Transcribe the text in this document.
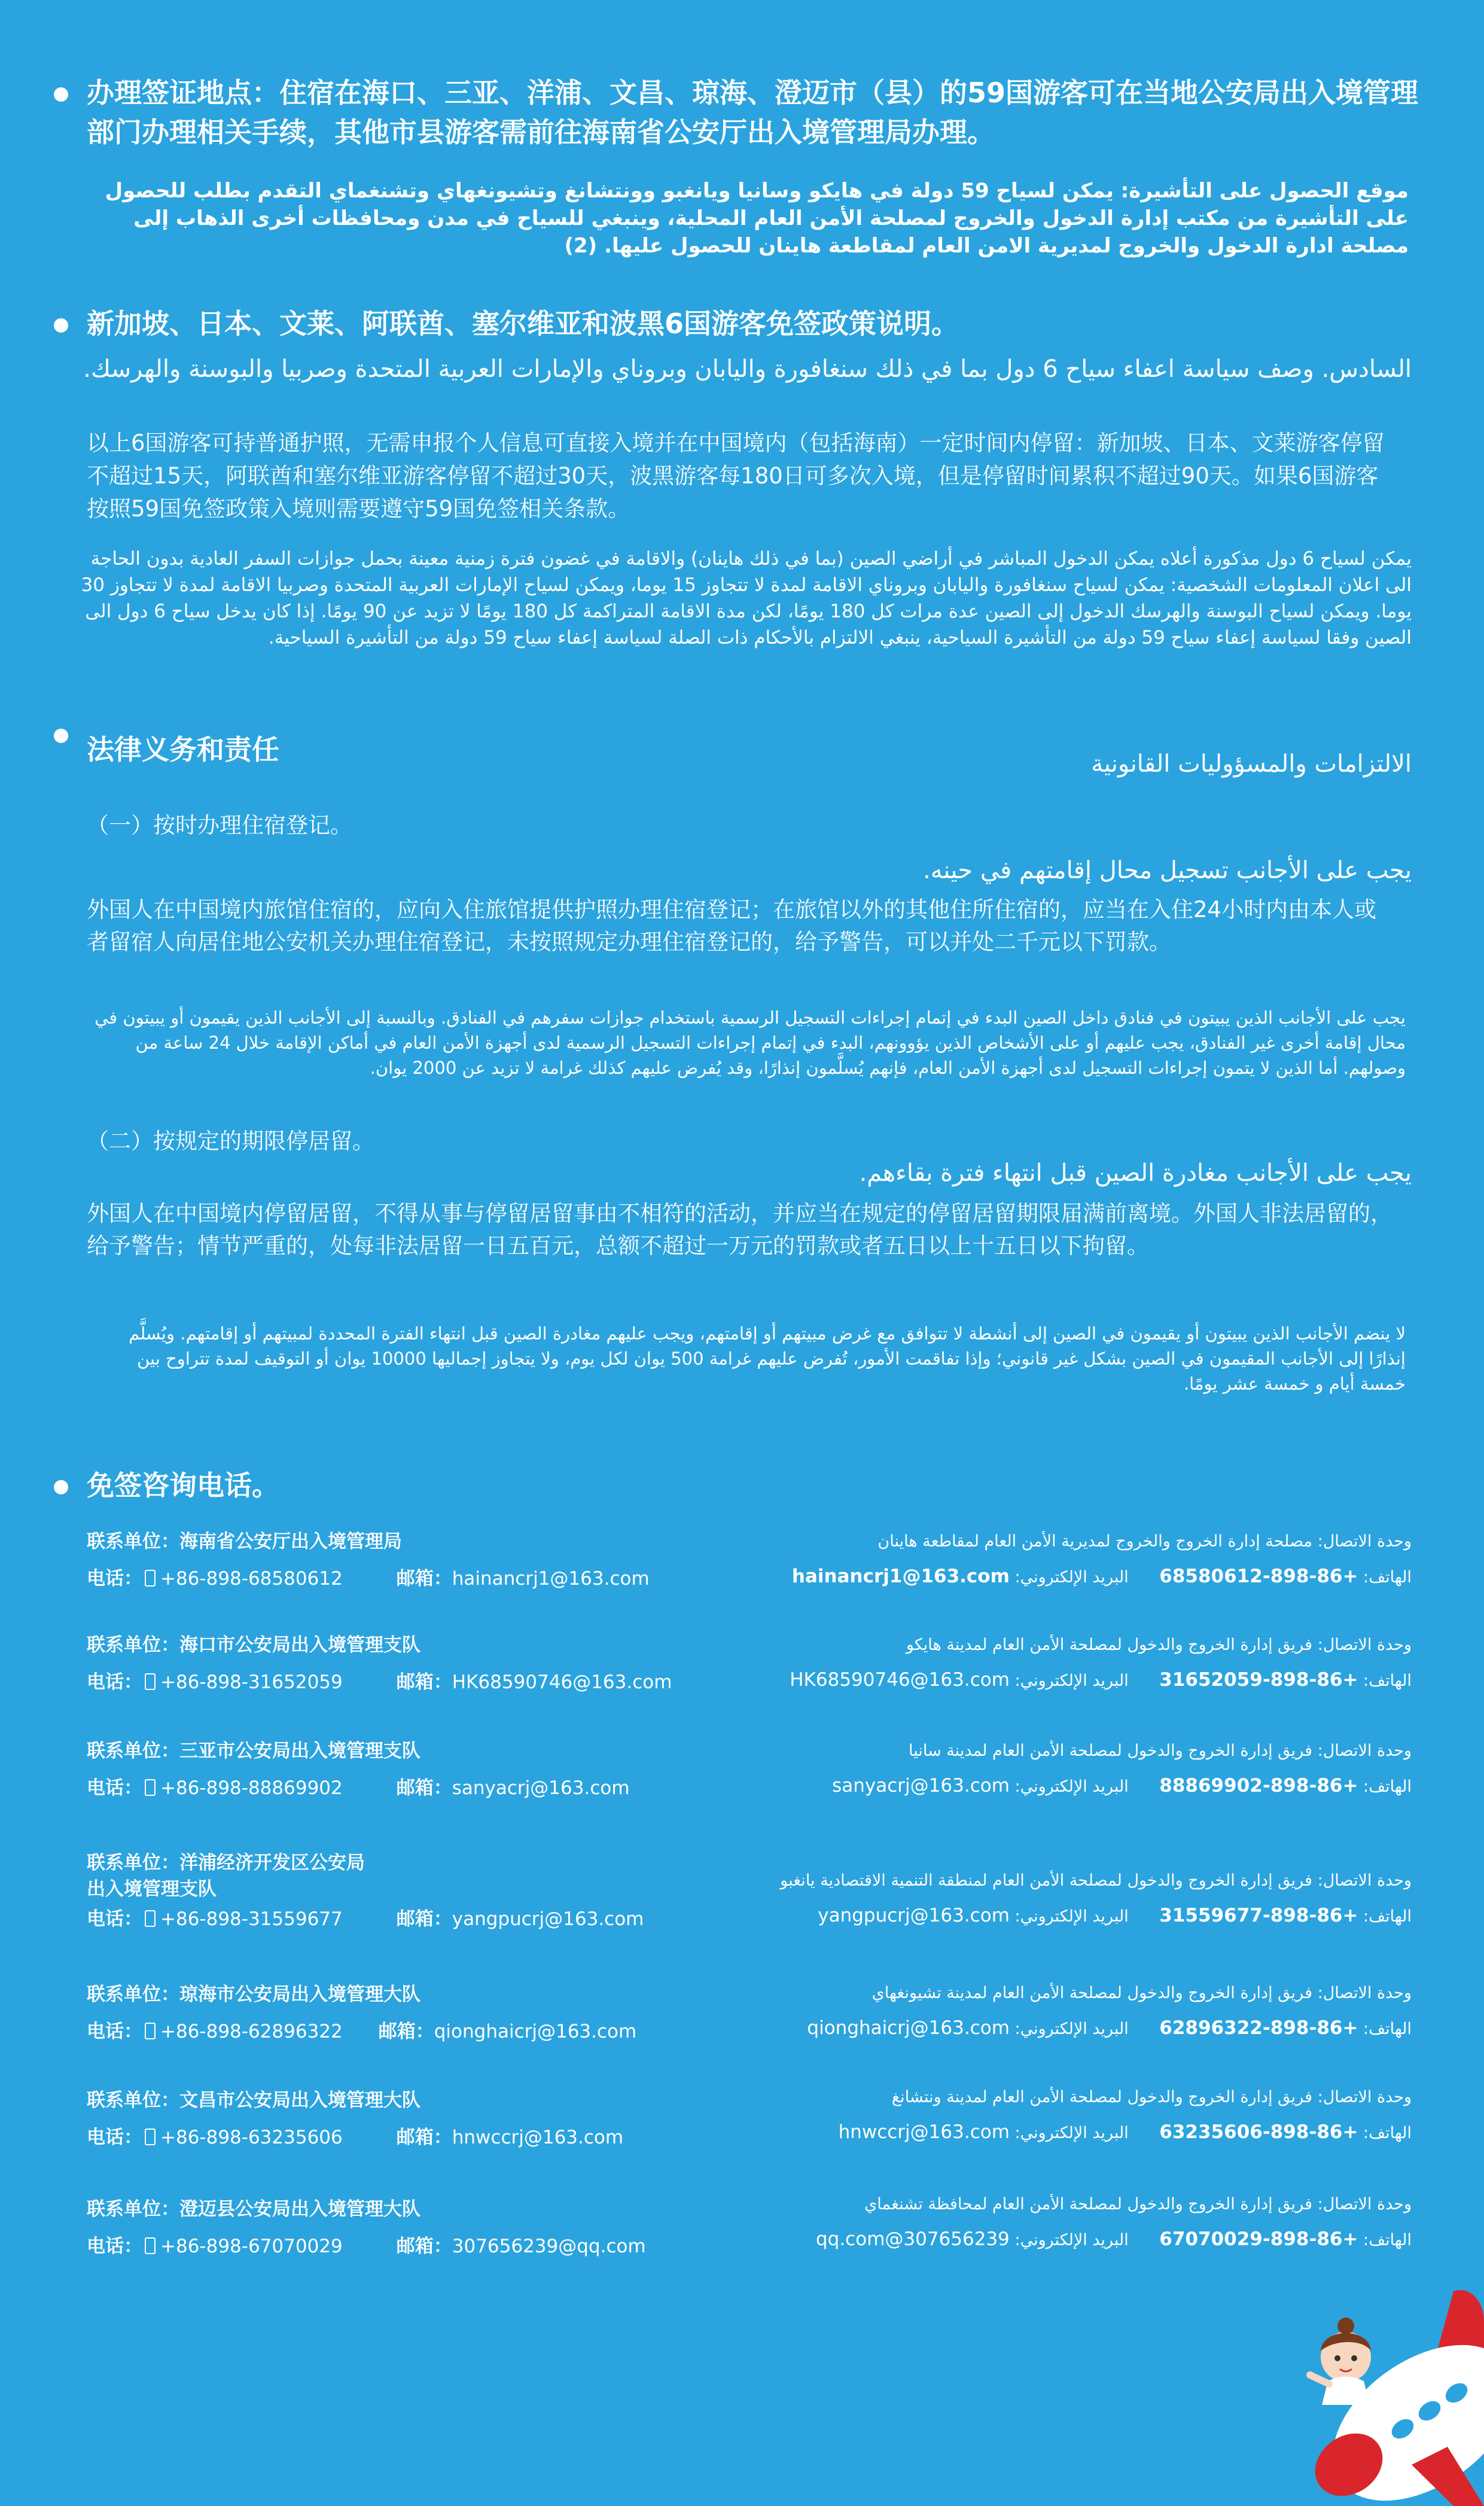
办理签证地点：住宿在海口、三亚、洋浦、文昌、琼海、澄迈市（县）的59国游客可在当地公安局出入境管理部门办理相关手续，其他市县游客需前往海南省公安厅出入境管理局办理。
موقع الحصول على التأشيرة: يمكن لسياح 59 دولة في هايكو وسانيا ويانغبو وونتشانغ وتشيونغهاي وتشنغماي التقدم بطلب للحصول على التأشيرة من مكتب إدارة الدخول والخروج لمصلحة الأمن العام المحلية، وينبغي للسياح في مدن ومحافظات أخرى الذهاب إلى مصلحة ادارة الدخول والخروج لمديرية الامن العام لمقاطعة هاينان للحصول عليها. (2)
新加坡、日本、文莱、阿联酋、塞尔维亚和波黑6国游客免签政策说明。
السادس. وصف سياسة اعفاء سياح 6 دول بما في ذلك سنغافورة واليابان وبروناي والإمارات العربية المتحدة وصربيا والبوسنة والهرسك.
以上6国游客可持普通护照，无需申报个人信息可直接入境并在中国境内（包括海南）一定时间内停留：新加坡、日本、文莱游客停留不超过15天，阿联酋和塞尔维亚游客停留不超过30天，波黑游客每180日可多次入境，但是停留时间累积不超过90天。如果6国游客按照59国免签政策入境则需要遵守59国免签相关条款。
يمكن لسياح 6 دول مذكورة أعلاه يمكن الدخول المباشر في أراضي الصين (بما في ذلك هاينان) والاقامة في غضون فترة زمنية معينة بحمل جوازات السفر العادية بدون الحاجة الى اعلان المعلومات الشخصية: يمكن لسياح سنغافورة واليابان وبروناي الاقامة لمدة لا تتجاوز 15 يوما، ويمكن لسياح الإمارات العربية المتحدة وصربيا الاقامة لمدة لا تتجاوز 30 يوما. ويمكن لسياح البوسنة والهرسك الدخول إلى الصين عدة مرات كل 180 يومًا، لكن مدة الاقامة المتراكمة كل 180 يومًا لا تزيد عن 90 يومًا. إذا كان يدخل سياح 6 دول الى الصين وفقا لسياسة إعفاء سياح 59 دولة من التأشيرة السياحية، ينبغي الالتزام بالأحكام ذات الصلة لسياسة إعفاء سياح 59 دولة من التأشيرة السياحية.
法律义务和责任	الالتزامات والمسؤوليات القانونية
（一）按时办理住宿登记。
يجب على الأجانب تسجيل محال إقامتهم في حينه.
外国人在中国境内旅馆住宿的，应向入住旅馆提供护照办理住宿登记；在旅馆以外的其他住所住宿的，应当在入住24小时内由本人或者留宿人向居住地公安机关办理住宿登记，未按照规定办理住宿登记的，给予警告，可以并处二千元以下罚款。
يجب على الأجانب الذين يبيتون في فنادق داخل الصين البدء في إتمام إجراءات التسجيل الرسمية باستخدام جوازات سفرهم في الفنادق. وبالنسبة إلى الأجانب الذين يقيمون أو يبيتون في محال إقامة أخرى غير الفنادق، يجب عليهم أو على الأشخاص الذين يؤوونهم، البدء في إتمام إجراءات التسجيل الرسمية لدى أجهزة الأمن العام في أماكن الإقامة خلال 24 ساعة من وصولهم. أما الذين لا يتمون إجراءات التسجيل لدى أجهزة الأمن العام، فإنهم يُسلَّمون إنذارًا، وقد يُفرض عليهم كذلك غرامة لا تزيد عن 2000 يوان.
（二）按规定的期限停居留。
يجب على الأجانب مغادرة الصين قبل انتهاء فترة بقاءهم.
外国人在中国境内停留居留，不得从事与停留居留事由不相符的活动，并应当在规定的停留居留期限届满前离境。外国人非法居留的，给予警告；情节严重的，处每非法居留一日五百元，总额不超过一万元的罚款或者五日以上十五日以下拘留。
لا ينضم الأجانب الذين يبيتون أو يقيمون في الصين إلى أنشطة لا تتوافق مع غرض مبيتهم أو إقامتهم، ويجب عليهم مغادرة الصين قبل انتهاء الفترة المحددة لمبيتهم أو إقامتهم. ويُسلَّم إنذارًا إلى الأجانب المقيمون في الصين بشكل غير قانوني؛ وإذا تفاقمت الأمور، تُفرض عليهم غرامة 500 يوان لكل يوم، ولا يتجاوز إجماليها 10000 يوان أو التوقيف لمدة تتراوح بين خمسة أيام و خمسة عشر يومًا.
免签咨询电话。
联系单位：海南省公安厅出入境管理局
电话： +86-898-68580612	邮箱：hainancrj1@163.com
وحدة الاتصال: مصلحة إدارة الخروج والخروج لمديرية الأمن العام لمقاطعة هاينان
الهاتف: +86-898-68580612      البريد الإلكتروني: hainancrj1@163.com
联系单位：海口市公安局出入境管理支队
电话： +86-898-31652059	邮箱：HK68590746@163.com
وحدة الاتصال: فريق إدارة الخروج والدخول لمصلحة الأمن العام لمدينة هايكو
الهاتف: +86-898-31652059      البريد الإلكتروني: HK68590746@163.com
联系单位：三亚市公安局出入境管理支队
电话： +86-898-88869902	邮箱：sanyacrj@163.com
وحدة الاتصال: فريق إدارة الخروج والدخول لمصلحة الأمن العام لمدينة سانيا
الهاتف: +86-898-88869902      البريد الإلكتروني: sanyacrj@163.com
联系单位：洋浦经济开发区公安局
出入境管理支队
电话： +86-898-31559677	邮箱：yangpucrj@163.com
وحدة الاتصال: فريق إدارة الخروج والدخول لمصلحة الأمن العام لمنطقة التنمية الاقتصادية يانغبو
الهاتف: +86-898-31559677      البريد الإلكتروني: yangpucrj@163.com
联系单位：琼海市公安局出入境管理大队
电话： +86-898-62896322 邮箱：qionghaicrj@163.com
وحدة الاتصال: فريق إدارة الخروج والدخول لمصلحة الأمن العام لمدينة تشيونغهاي
الهاتف: +86-898-62896322      البريد الإلكتروني: qionghaicrj@163.com
联系单位：文昌市公安局出入境管理大队
电话： +86-898-63235606	邮箱：hnwccrj@163.com
وحدة الاتصال: فريق إدارة الخروج والدخول لمصلحة الأمن العام لمدينة ونتشانغ
الهاتف: +86-898-63235606      البريد الإلكتروني: hnwccrj@163.com
联系单位：澄迈县公安局出入境管理大队
电话： +86-898-67070029	邮箱：307656239@qq.com
وحدة الاتصال: فريق إدارة الخروج والدخول لمصلحة الأمن العام لمحافظة تشنغماي
الهاتف: +86-898-67070029      البريد الإلكتروني: 307656239@qq.com
